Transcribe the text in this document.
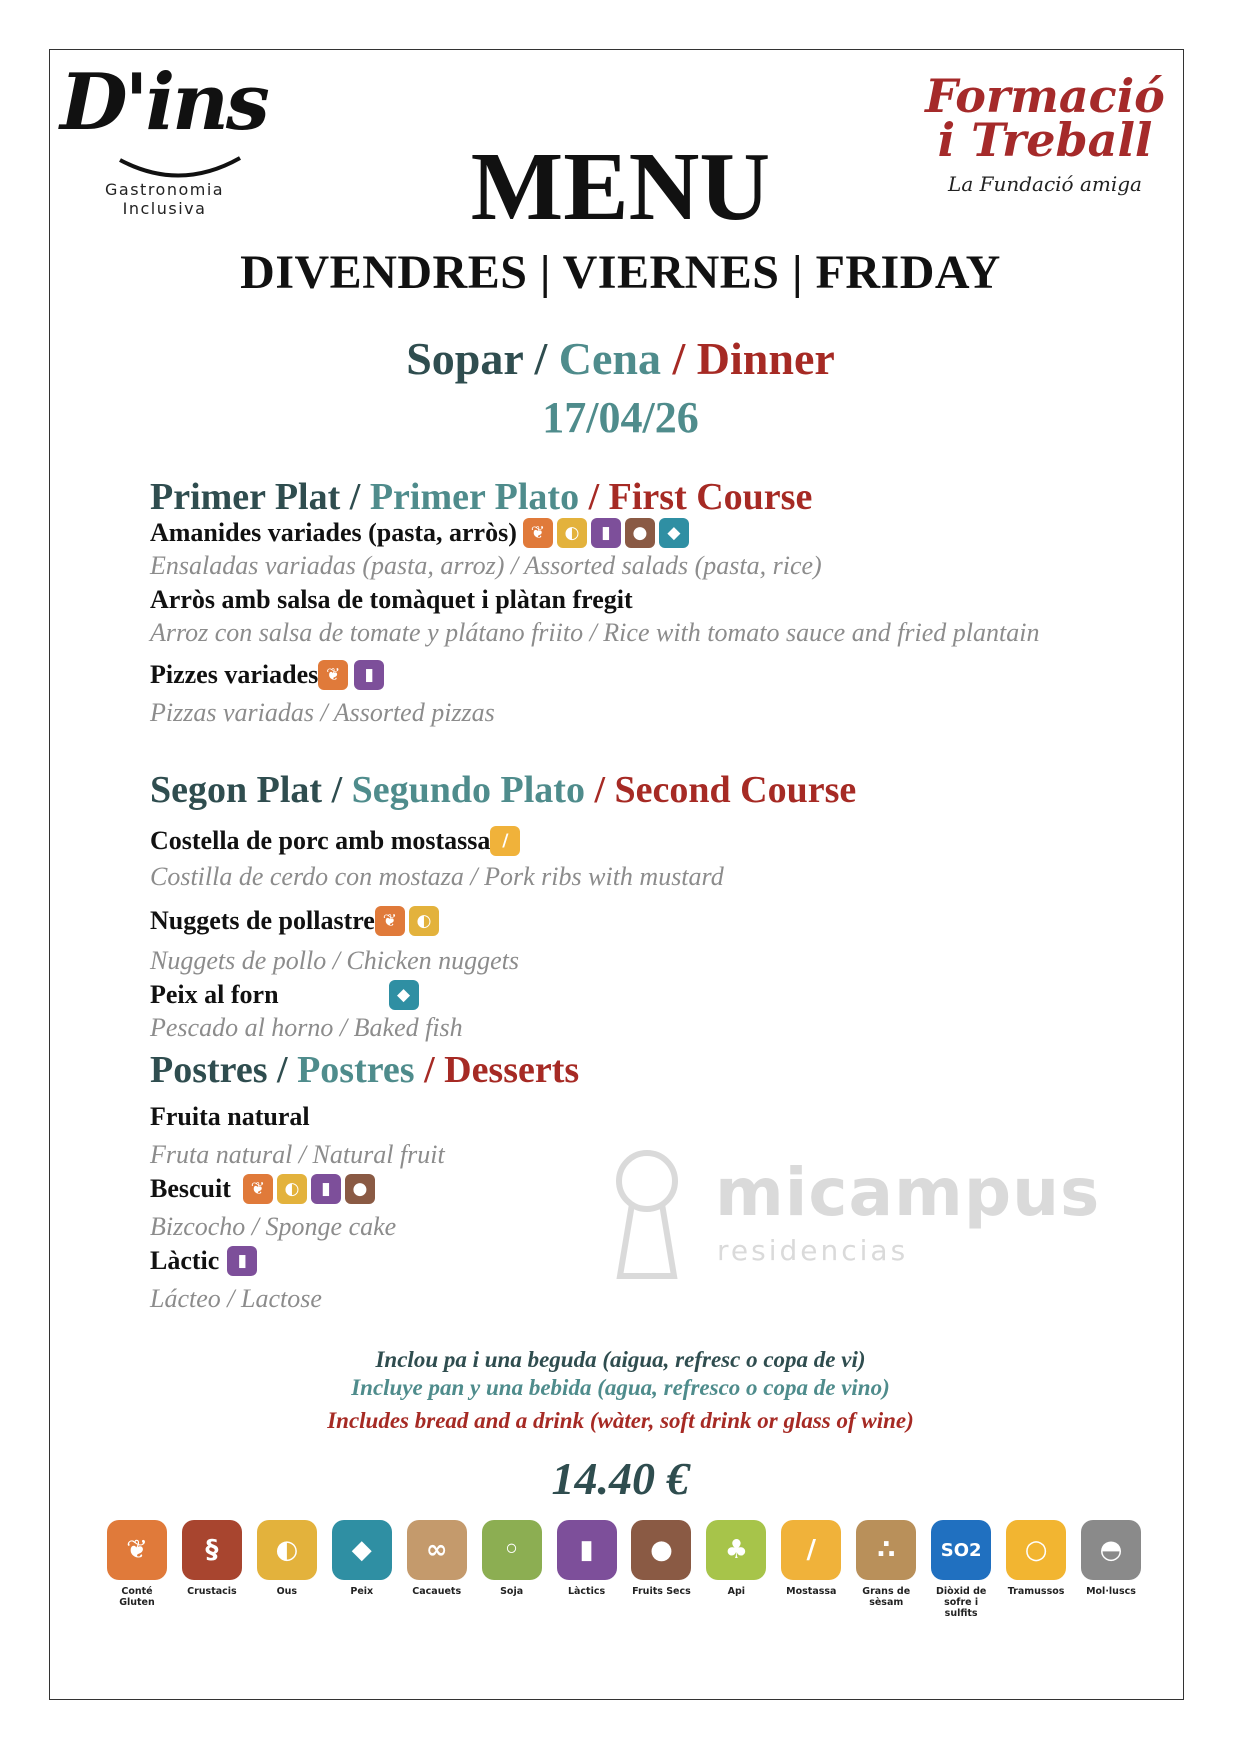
D'ins
Gastronomia
Inclusiva
Formació
i Treball
La Fundació amiga
MENU
DIVENDRES | VIERNES | FRIDAY
Sopar / Cena / Dinner
17/04/26
Primer Plat / Primer Plato / First Course
Amanides variades (pasta, arròs) ❦	◐	▮	●	◆
Ensaladas variadas (pasta, arroz) / Assorted salads (pasta, rice)
Arròs amb salsa de tomàquet i plàtan fregit
Arroz con salsa de tomate y plátano friito / Rice with tomato sauce and fried plantain
Pizzes variades ❦	▮
Pizzas variadas / Assorted pizzas
Segon Plat / Segundo Plato / Second Course
Costella de porc amb mostassa /
Costilla de cerdo con mostaza / Pork ribs with mustard
Nuggets de pollastre ❦	◐
Nuggets de pollo / Chicken nuggets
Peix al forn	◆
Pescado al horno / Baked fish
Postres / Postres / Desserts
Fruita natural
Fruta natural / Natural fruit
Bescuit	❦	◐	▮	●
Bizcocho / Sponge cake
Làctic	▮
Lácteo / Lactose
micampus
residencias
Inclou pa i una beguda (aigua, refresc o copa de vi)
Incluye pan y una bebida (agua, refresco o copa de vino)
Includes bread and a drink (wàter, soft drink or glass of wine)
14.40 €
❦
Conté Gluten
§
Crustacis
◐
Ous
◆
Peix
∞
Cacauets
◦
Soja
▮
Làctics
●
Fruits Secs
♣
Api
/
Mostassa
∴
Grans de sèsam
SO2
Diòxid de sofre i sulfits
○
Tramussos
◓
Mol·luscs
